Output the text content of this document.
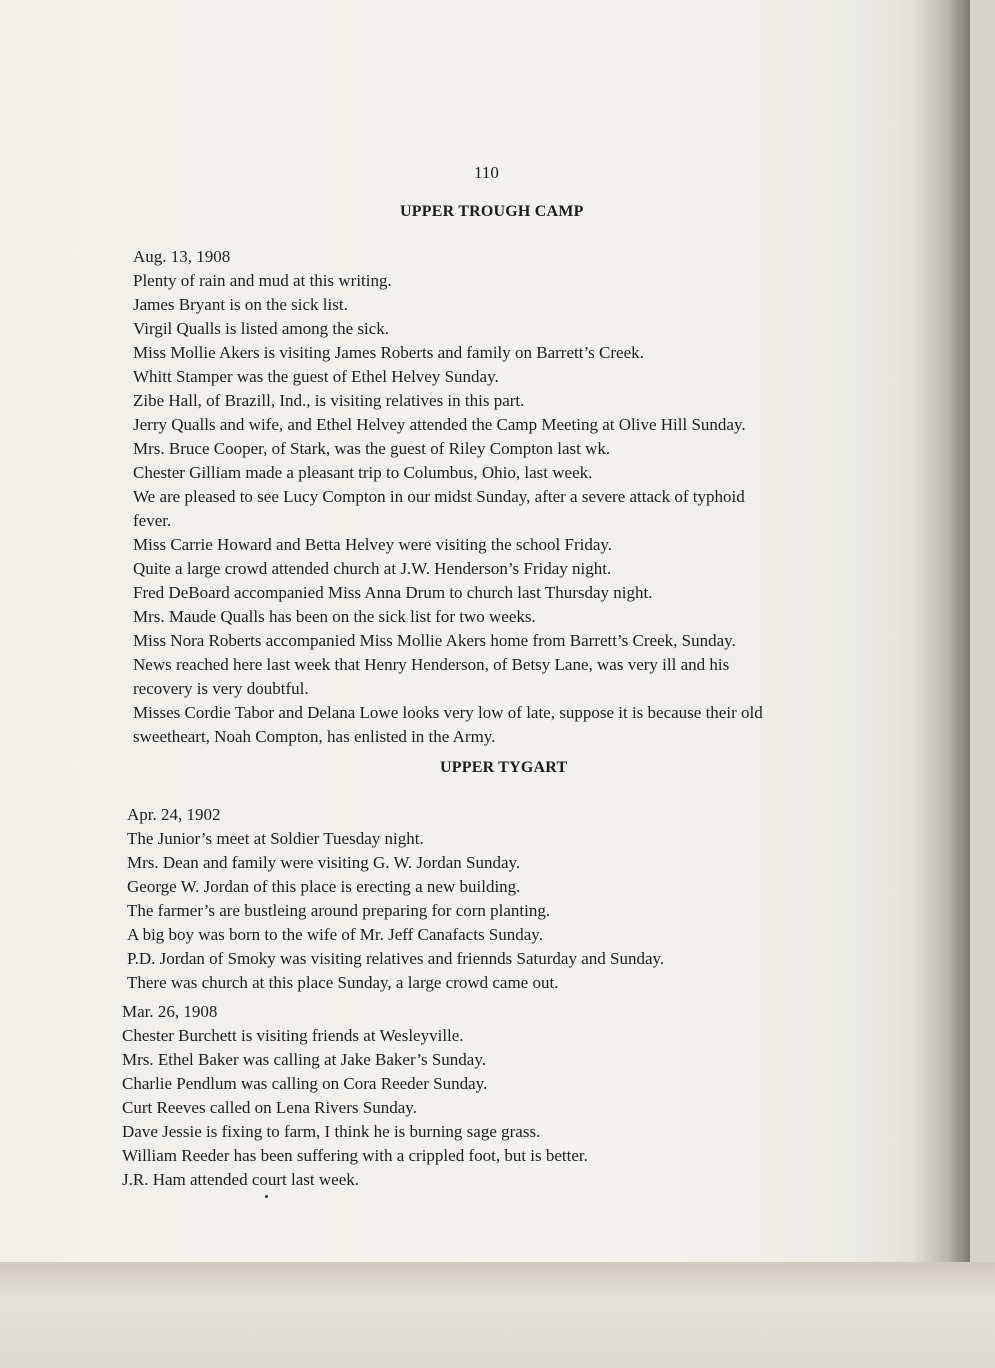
110
UPPER TROUGH CAMP
Aug. 13, 1908
Plenty of rain and mud at this writing.
James Bryant is on the sick list.
Virgil Qualls is listed among the sick.
Miss Mollie Akers is visiting James Roberts and family on Barrett’s Creek.
Whitt Stamper was the guest of Ethel Helvey Sunday.
Zibe Hall, of Brazill, Ind., is visiting relatives in this part.
Jerry Qualls and wife, and Ethel Helvey attended the Camp Meeting at Olive Hill Sunday.
Mrs. Bruce Cooper, of Stark, was the guest of Riley Compton last wk.
Chester Gilliam made a pleasant trip to Columbus, Ohio, last week.
We are pleased to see Lucy Compton in our midst Sunday, after a severe attack of typhoid
fever.
Miss Carrie Howard and Betta Helvey were visiting the school Friday.
Quite a large crowd attended church at J.W. Henderson’s Friday night.
Fred DeBoard accompanied Miss Anna Drum to church last Thursday night.
Mrs. Maude Qualls has been on the sick list for two weeks.
Miss Nora Roberts accompanied Miss Mollie Akers home from Barrett’s Creek, Sunday.
News reached here last week that Henry Henderson, of Betsy Lane, was very ill and his
recovery is very doubtful.
Misses Cordie Tabor and Delana Lowe looks very low of late, suppose it is because their old
sweetheart, Noah Compton, has enlisted in the Army.
UPPER TYGART
Apr. 24, 1902
The Junior’s meet at Soldier Tuesday night.
Mrs. Dean and family were visiting G. W. Jordan Sunday.
George W. Jordan of this place is erecting a new building.
The farmer’s are bustleing around preparing for corn planting.
A big boy was born to the wife of Mr. Jeff Canafacts Sunday.
P.D. Jordan of Smoky was visiting relatives and friennds Saturday and Sunday.
There was church at this place Sunday, a large crowd came out.
Mar. 26, 1908
Chester Burchett is visiting friends at Wesleyville.
Mrs. Ethel Baker was calling at Jake Baker’s Sunday.
Charlie Pendlum was calling on Cora Reeder Sunday.
Curt Reeves called on Lena Rivers Sunday.
Dave Jessie is fixing to farm, I think he is burning sage grass.
William Reeder has been suffering with a crippled foot, but is better.
J.R. Ham attended court last week.
